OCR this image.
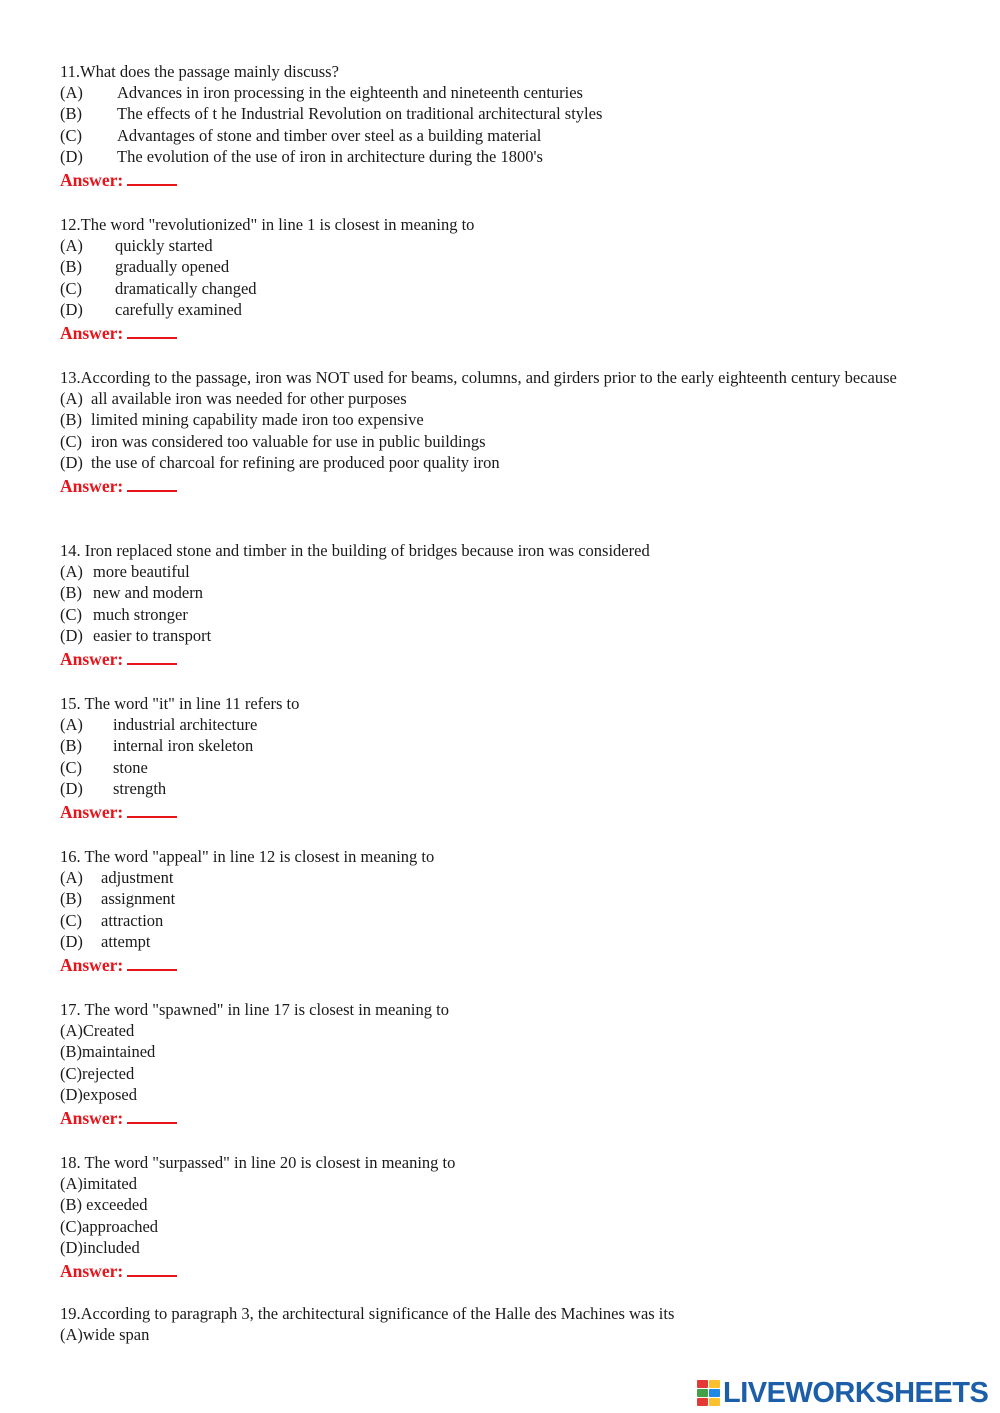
11.What does the passage mainly discuss?

(A)	Advances in iron processing in the eighteenth and nineteenth centuries
(B)	The effects of t he Industrial Revolution on traditional architectural styles
(C)	Advantages of stone and timber over steel as a building material
(D)	The evolution of the use of iron in architecture during the 1800's
Answer:

12.The word "revolutionized" in line 1 is closest in meaning to

(A)	quickly started
(B)	gradually opened
(C)	dramatically changed
(D)	carefully examined
Answer:

13.According to the passage, iron was NOT used for beams, columns, and girders prior to the early eighteenth century because

(A) all available iron was needed for other purposes
(B) limited mining capability made iron too expensive
(C) iron was considered too valuable for use in public buildings
(D) the use of charcoal for refining are produced poor quality iron
Answer:

14. Iron replaced stone and timber in the building of bridges because iron was considered

(A) more beautiful
(B) new and modern
(C) much stronger
(D) easier to transport
Answer:

15. The word "it" in line 11 refers to

(A)	industrial architecture
(B)	internal iron skeleton
(C)	stone
(D)	strength
Answer:

16. The word "appeal" in line 12 is closest in meaning to

(A)	adjustment
(B)	assignment
(C)	attraction
(D)	attempt
Answer:

17. The word "spawned" in line 17 is closest in meaning to

(A) Created
(B) maintained
(C) rejected
(D) exposed
Answer:

18. The word "surpassed" in line 20 is closest in meaning to

(A) imitated
(B) exceeded
(C) approached
(D) included
Answer:

19.According to paragraph 3, the architectural significance of the Halle des Machines was its

(A) wide span
LIVEWORKSHEETS
